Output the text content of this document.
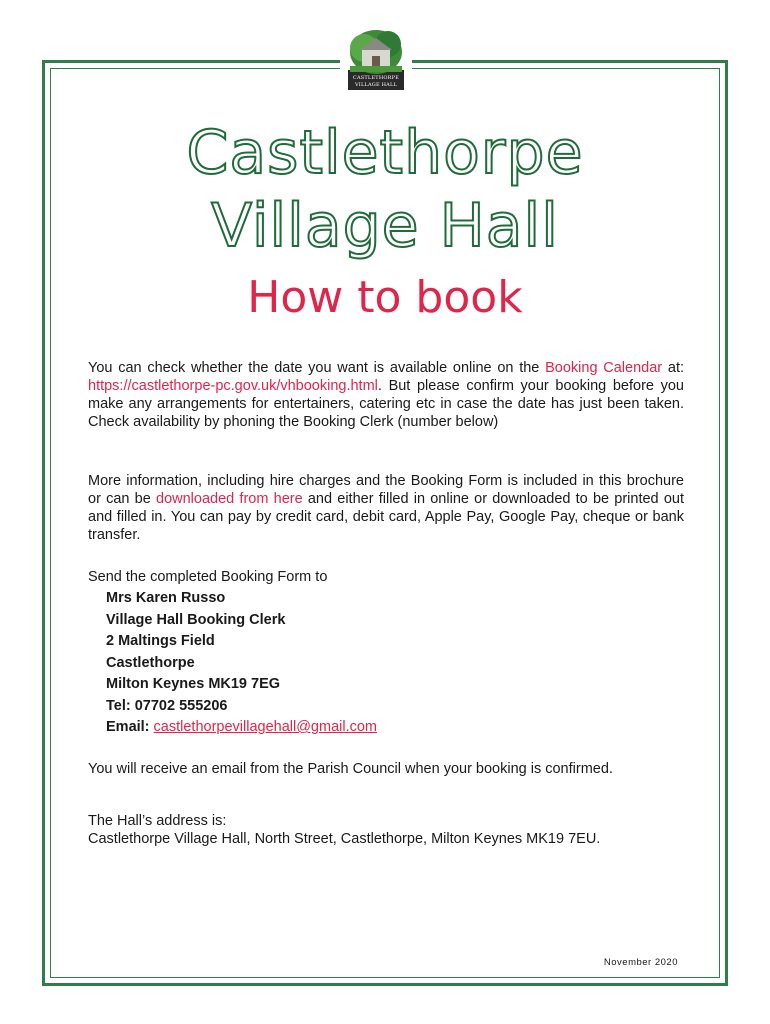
CASTLETHORPE
VILLAGE HALL
Castlethorpe
Village Hall
How to book
You can check whether the date you want is available online on the Booking Calendar at: https://castlethorpe-pc.gov.uk/vhbooking.html. But please confirm your booking before you make any arrangements for entertainers, catering etc in case the date has just been taken. Check availability by phoning the Booking Clerk (number below)
More information, including hire charges and the Booking Form is included in this brochure or can be downloaded from here and either filled in online or downloaded to be printed out and filled in. You can pay by credit card, debit card, Apple Pay, Google Pay, cheque or bank transfer.
Send the completed Booking Form to
Mrs Karen Russo
Village Hall Booking Clerk
2 Maltings Field
Castlethorpe
Milton Keynes MK19 7EG
Tel: 07702 555206
Email: castlethorpevillagehall@gmail.com
You will receive an email from the Parish Council when your booking is confirmed.
The Hall’s address is:
Castlethorpe Village Hall, North Street, Castlethorpe, Milton Keynes MK19 7EU.
November 2020
